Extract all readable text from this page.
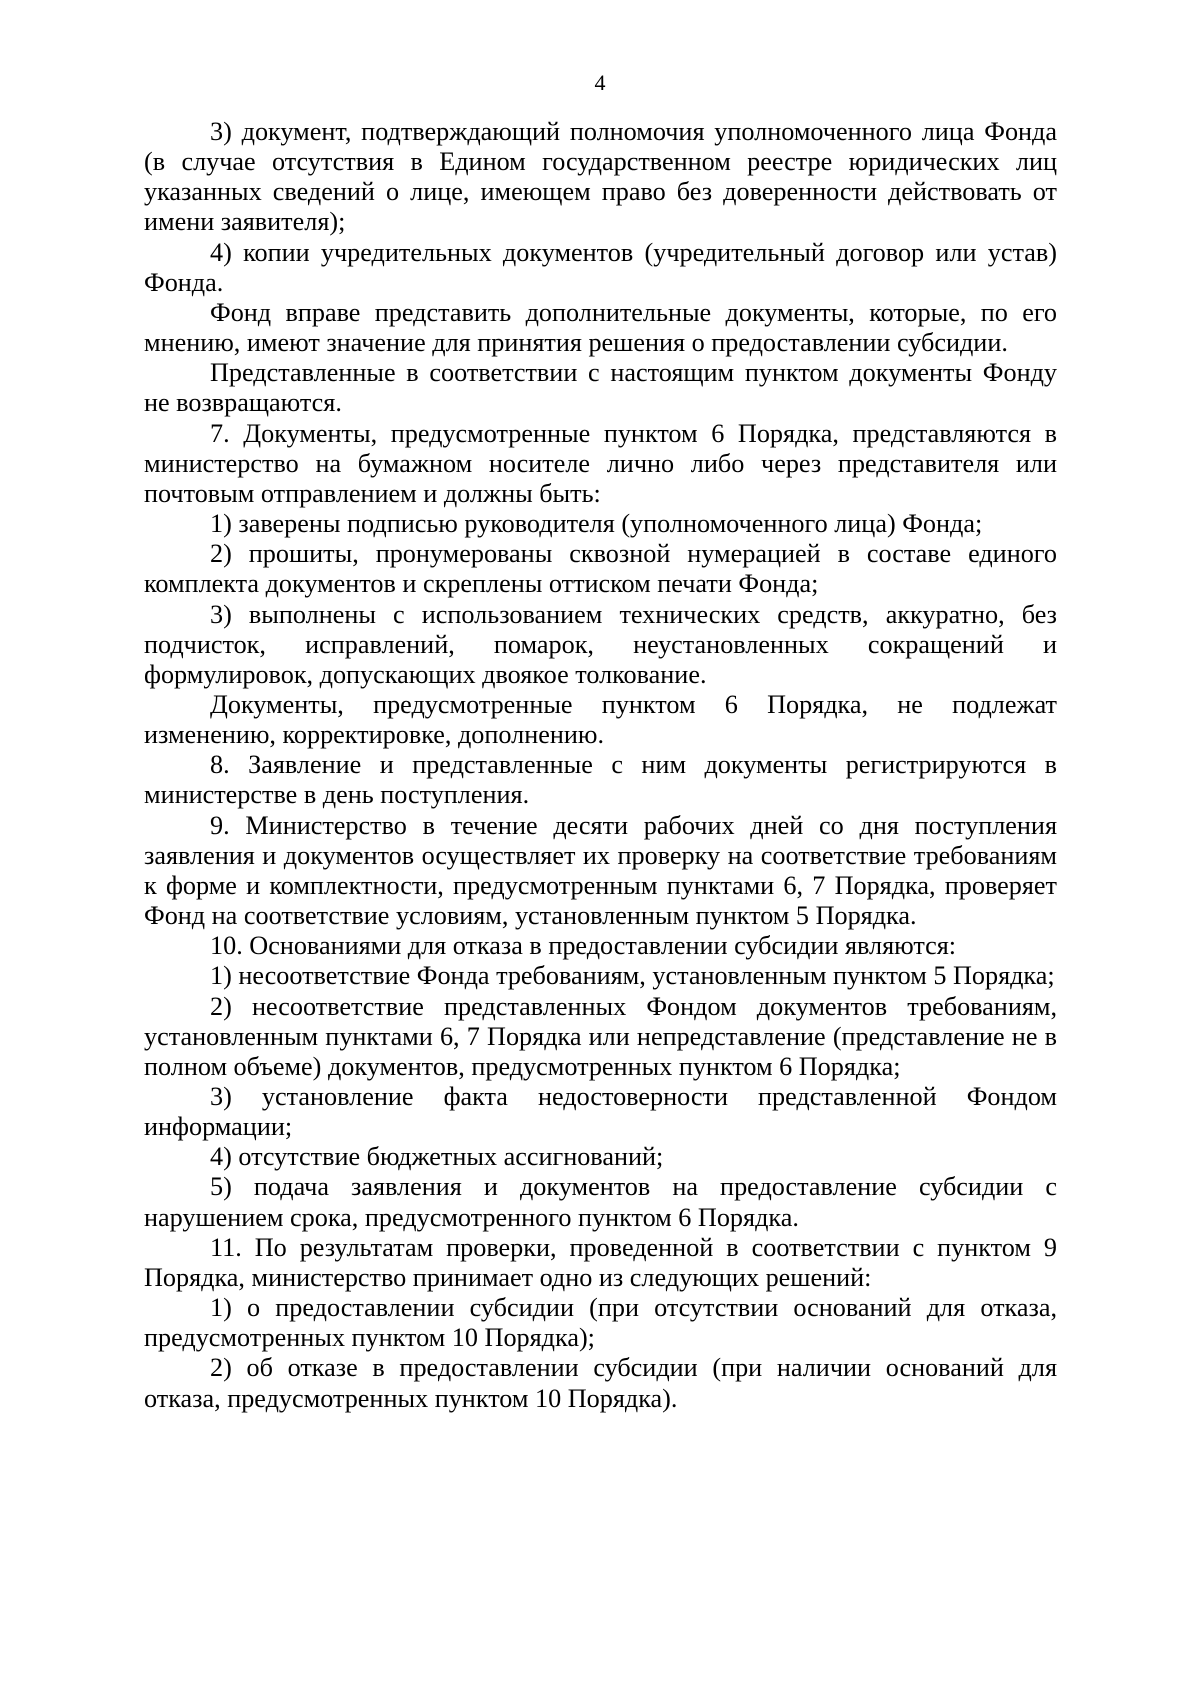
4

3) документ, подтверждающий полномочия уполномоченного лица Фонда (в случае отсутствия в Едином государственном реестре юридических лиц указанных сведений о лице, имеющем право без доверенности действовать от имени заявителя);

4) копии учредительных документов (учредительный договор или устав) Фонда.

Фонд вправе представить дополнительные документы, которые, по его мнению, имеют значение для принятия решения о предоставлении субсидии.

Представленные в соответствии с настоящим пунктом документы Фонду не возвращаются.

7. Документы, предусмотренные пунктом 6 Порядка, представляются в министерство на бумажном носителе лично либо через представителя или почтовым отправлением и должны быть:

1) заверены подписью руководителя (уполномоченного лица) Фонда;

2) прошиты, пронумерованы сквозной нумерацией в составе единого комплекта документов и скреплены оттиском печати Фонда;

3) выполнены с использованием технических средств, аккуратно, без подчисток, исправлений, помарок, неустановленных сокращений и формулировок, допускающих двоякое толкование.

Документы, предусмотренные пунктом 6 Порядка, не подлежат изменению, корректировке, дополнению.

8. Заявление и представленные с ним документы регистрируются в министерстве в день поступления.

9. Министерство в течение десяти рабочих дней со дня поступления заявления и документов осуществляет их проверку на соответствие требованиям к форме и комплектности, предусмотренным пунктами 6, 7 Порядка, проверяет Фонд на соответствие условиям, установленным пунктом 5 Порядка.

10. Основаниями для отказа в предоставлении субсидии являются:

1) несоответствие Фонда требованиям, установленным пунктом 5 Порядка;

2) несоответствие представленных Фондом документов требованиям, установленным пунктами 6, 7 Порядка или непредставление (представление не в полном объеме) документов, предусмотренных пунктом 6 Порядка;

3) установление факта недостоверности представленной Фондом информации;

4) отсутствие бюджетных ассигнований;

5) подача заявления и документов на предоставление субсидии с нарушением срока, предусмотренного пунктом 6 Порядка.

11. По результатам проверки, проведенной в соответствии с пунктом 9 Порядка, министерство принимает одно из следующих решений:

1) о предоставлении субсидии (при отсутствии оснований для отказа, предусмотренных пунктом 10 Порядка);

2) об отказе в предоставлении субсидии (при наличии оснований для отказа, предусмотренных пунктом 10 Порядка).
